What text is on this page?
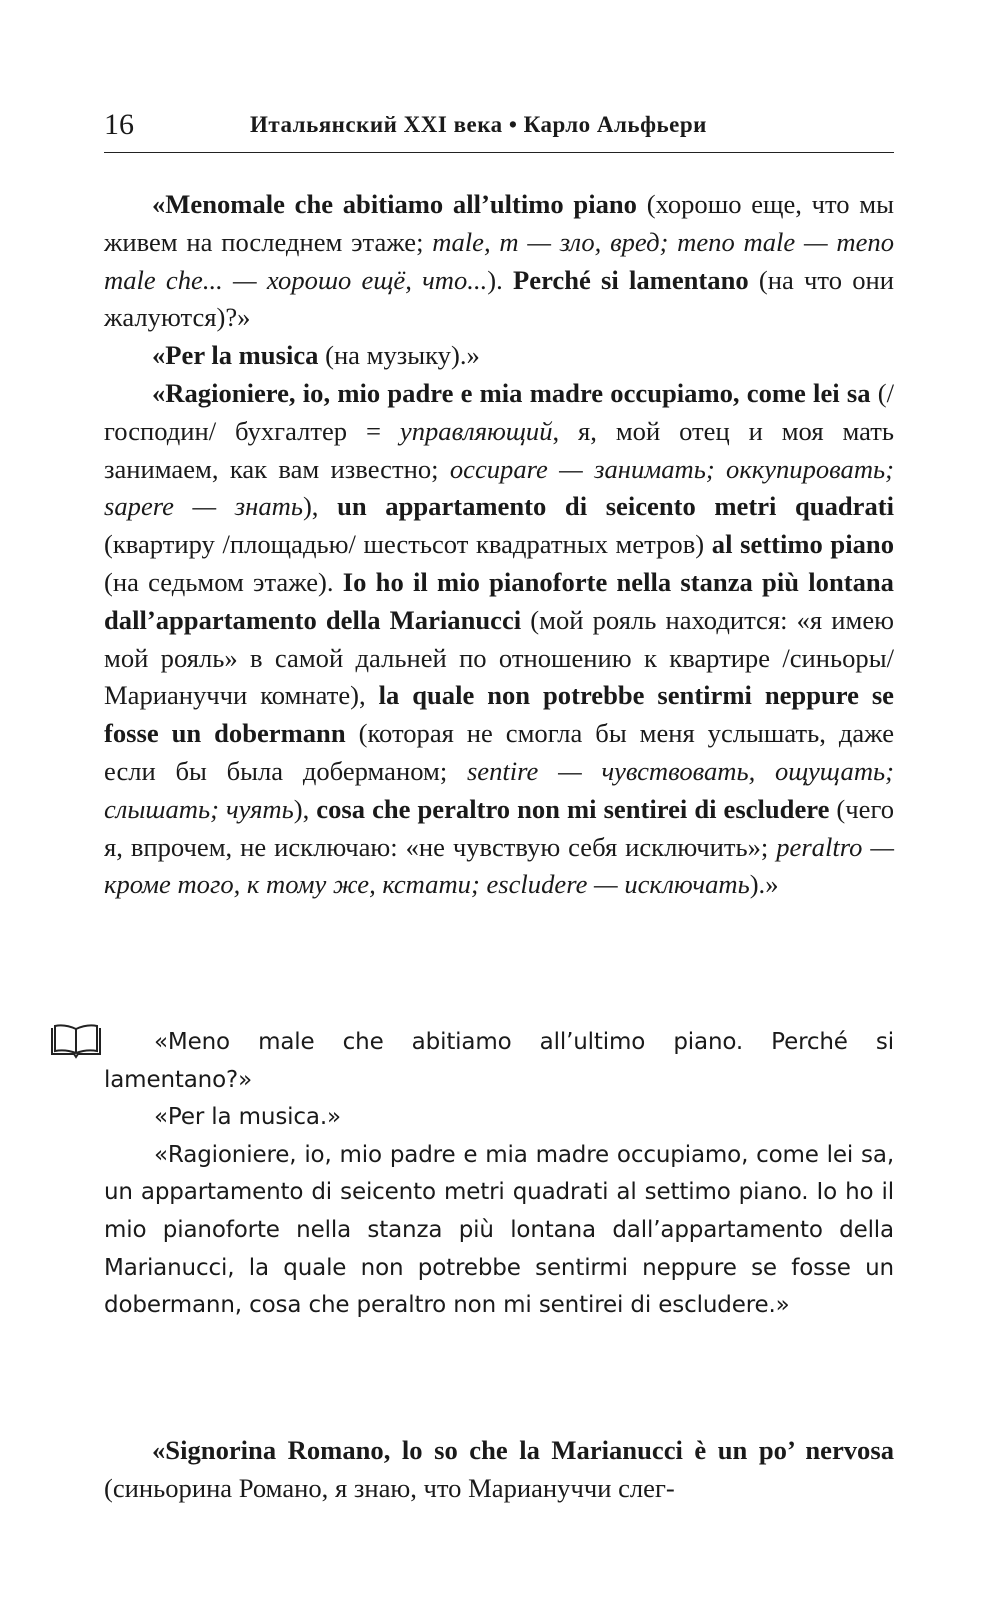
16	Итальянский XXI века • Карло Альфьери

«Menomale che abitiamo all’ultimo piano (хорошо еще, что мы живем на последнем этаже; male, m — зло, вред; meno male — meno male che... — хорошо ещё, что...). Perché si lamentano (на что они жалуются)?»

«Per la musica (на музыку).»

«Ragioniere, io, mio padre e mia madre occupiamo, come lei sa (/господин/ бухгалтер = управляющий, я, мой отец и моя мать занимаем, как вам известно; occupare — занимать; оккупировать; sapere — знать), un appartamento di seicento metri quadrati (квартиру /площадью/ шестьсот квадратных метров) al settimo piano (на седьмом этаже). Io ho il mio pianoforte nella stanza più lontana dall’appartamento della Marianucci (мой рояль находится: «я имею мой рояль» в самой дальней по отношению к квартире /синьоры/ Мариануччи комнате), la quale non potrebbe sentirmi neppure se fosse un dobermann (которая не смогла бы меня услышать, даже если бы была доберманом; sentire — чувствовать, ощущать; слышать; чуять), cosa che peraltro non mi sentirei di escludere (чего я, впрочем, не исключаю: «не чувствую себя исключить»; peraltro — кроме того, к тому же, кстати; escludere — исключать).»

«Meno male che abitiamo all’ultimo piano. Perché si lamentano?»

«Per la musica.»

«Ragioniere, io, mio padre e mia madre occupiamo, come lei sa, un appartamento di seicento metri quadrati al settimo piano. Io ho il mio pianoforte nella stanza più lontana dall’appartamento della Marianucci, la quale non potrebbe sentirmi neppure se fosse un dobermann, cosa che peraltro non mi sentirei di escludere.»

«Signorina Romano, lo so che la Marianucci è un po’ nervosa (синьорина Романо, я знаю, что Мариануччи слег-
